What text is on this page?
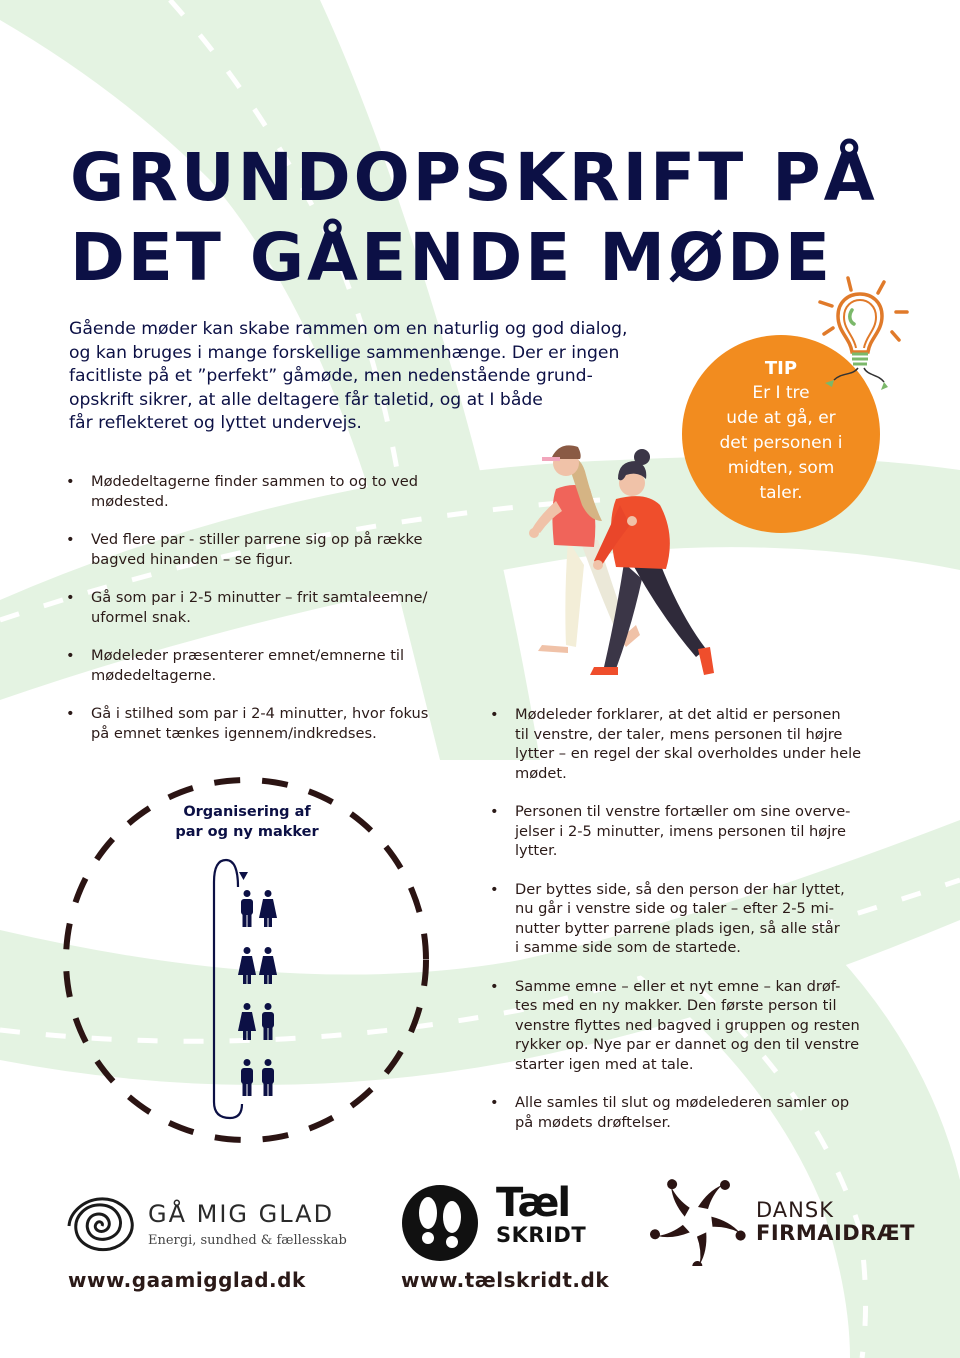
GRUNDOPSKRIFT PÅ
DET GÅENDE MØDE
Gående møder kan skabe rammen om en naturlig og god dialog,
og kan bruges i mange forskellige sammenhænge. Der er ingen
facitliste på et ”perfekt” gåmøde, men nedenstående grund-
opskrift sikrer, at alle deltagere får taletid, og at I både
får reflekteret og lyttet undervejs.
TIP
Er I tre
ude at gå, er
det personen i
midten, som
taler.
• Mødedeltagerne finder sammen to og to ved
mødested.
• Ved flere par - stiller parrene sig op på række
bagved hinanden – se figur.
• Gå som par i 2-5 minutter – frit samtaleemne/
uformel snak.
• Mødeleder præsenterer emnet/emnerne til
mødedeltagerne.
• Gå i stilhed som par i 2-4 minutter, hvor fokus
på emnet tænkes igennem/indkredses.
• Mødeleder forklarer, at det altid er personen
til venstre, der taler, mens personen til højre
lytter – en regel der skal overholdes under hele
mødet.
• Personen til venstre fortæller om sine overve-
jelser i 2-5 minutter, imens personen til højre
lytter.
• Der byttes side, så den person der har lyttet,
nu går i venstre side og taler – efter 2-5 mi-
nutter bytter parrene plads igen, så alle står
i samme side som de startede.
• Samme emne – eller et nyt emne – kan drøf-
tes med en ny makker. Den første person til
venstre flyttes ned bagved i gruppen og resten
rykker op. Nye par er dannet og den til venstre
starter igen med at tale.
• Alle samles til slut og mødelederen samler op
på mødets drøftelser.
Organisering af
par og ny makker
GÅ MIG GLAD
Energi, sundhed & fællesskab
www.gaamigglad.dk
Tæl
SKRIDT
www.tælskridt.dk
DANSK
FIRMAIDRÆT
